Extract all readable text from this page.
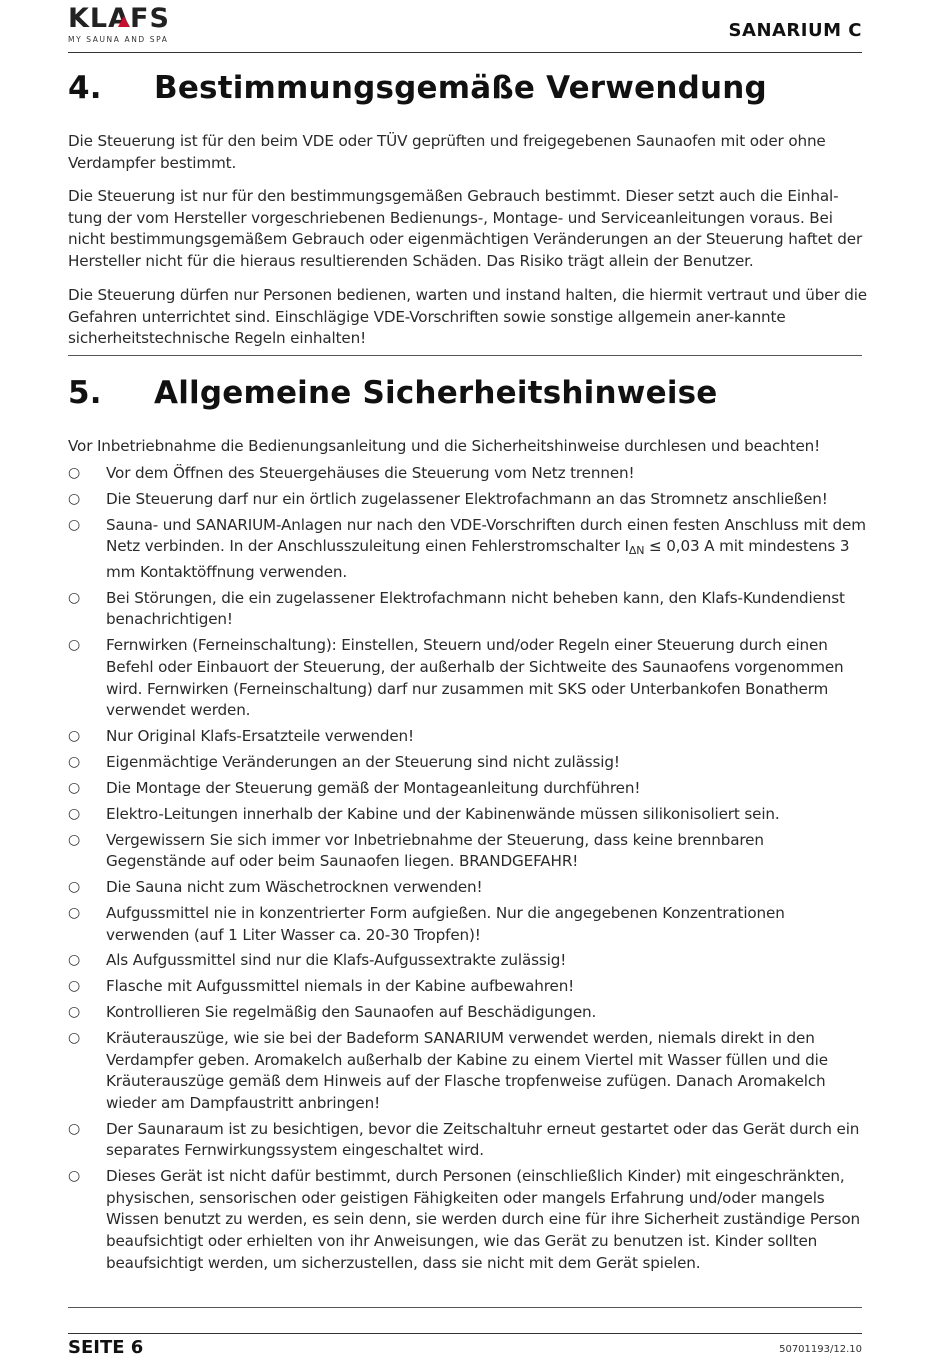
KLAFS
MY SAUNA AND SPA	SANARIUM C
4. Bestimmungsgemäße Verwendung

Die Steuerung ist für den beim VDE oder TÜV geprüften und freigegebenen Saunaofen mit oder ohne Verdampfer bestimmt.

Die Steuerung ist nur für den bestimmungsgemäßen Gebrauch bestimmt. Dieser setzt auch die Einhal-tung der vom Hersteller vorgeschriebenen Bedienungs-, Montage- und Serviceanleitungen voraus. Bei nicht bestimmungsgemäßem Gebrauch oder eigenmächtigen Veränderungen an der Steuerung haftet der Hersteller nicht für die hieraus resultierenden Schäden. Das Risiko trägt allein der Benutzer.

Die Steuerung dürfen nur Personen bedienen, warten und instand halten, die hiermit vertraut und über die Gefahren unterrichtet sind. Einschlägige VDE-Vorschriften sowie sonstige allgemein aner-kannte sicherheitstechnische Regeln einhalten!

5. Allgemeine Sicherheitshinweise

Vor Inbetriebnahme die Bedienungsanleitung und die Sicherheitshinweise durchlesen und beachten!

○ Vor dem Öffnen des Steuergehäuses die Steuerung vom Netz trennen!
○ Die Steuerung darf nur ein örtlich zugelassener Elektrofachmann an das Stromnetz anschließen!
○ Sauna- und SANARIUM-Anlagen nur nach den VDE-Vorschriften durch einen festen Anschluss mit dem Netz verbinden. In der Anschlusszuleitung einen Fehlerstromschalter $I_{\Delta N} \le 0,03$ A mit mindestens 3 mm Kontaktöffnung verwenden.
○ Bei Störungen, die ein zugelassener Elektrofachmann nicht beheben kann, den Klafs-Kundendienst benachrichtigen!
○ Fernwirken (Ferneinschaltung): Einstellen, Steuern und/oder Regeln einer Steuerung durch einen Befehl oder Einbauort der Steuerung, der außerhalb der Sichtweite des Saunaofens vorgenommen wird. Fernwirken (Ferneinschaltung) darf nur zusammen mit SKS oder Unterbankofen Bonatherm verwendet werden.
○ Nur Original Klafs-Ersatzteile verwenden!
○ Eigenmächtige Veränderungen an der Steuerung sind nicht zulässig!
○ Die Montage der Steuerung gemäß der Montageanleitung durchführen!
○ Elektro-Leitungen innerhalb der Kabine und der Kabinenwände müssen silikonisoliert sein.
○ Vergewissern Sie sich immer vor Inbetriebnahme der Steuerung, dass keine brennbaren Gegenstände auf oder beim Saunaofen liegen. BRANDGEFAHR!
○ Die Sauna nicht zum Wäschetrocknen verwenden!
○ Aufgussmittel nie in konzentrierter Form aufgießen. Nur die angegebenen Konzentrationen verwenden (auf 1 Liter Wasser ca. 20-30 Tropfen)!
○ Als Aufgussmittel sind nur die Klafs-Aufgussextrakte zulässig!
○ Flasche mit Aufgussmittel niemals in der Kabine aufbewahren!
○ Kontrollieren Sie regelmäßig den Saunaofen auf Beschädigungen.
○ Kräuterauszüge, wie sie bei der Badeform SANARIUM verwendet werden, niemals direkt in den Verdampfer geben. Aromakelch außerhalb der Kabine zu einem Viertel mit Wasser füllen und die Kräuterauszüge gemäß dem Hinweis auf der Flasche tropfenweise zufügen. Danach Aromakelch wieder am Dampfaustritt anbringen!
○ Der Saunaraum ist zu besichtigen, bevor die Zeitschaltuhr erneut gestartet oder das Gerät durch ein separates Fernwirkungssystem eingeschaltet wird.
○ Dieses Gerät ist nicht dafür bestimmt, durch Personen (einschließlich Kinder) mit eingeschränkten, physischen, sensorischen oder geistigen Fähigkeiten oder mangels Erfahrung und/oder mangels Wissen benutzt zu werden, es sein denn, sie werden durch eine für ihre Sicherheit zuständige Person beaufsichtigt oder erhielten von ihr Anweisungen, wie das Gerät zu benutzen ist. Kinder sollten beaufsichtigt werden, um sicherzustellen, dass sie nicht mit dem Gerät spielen.
SEITE 6	50701193/12.10
